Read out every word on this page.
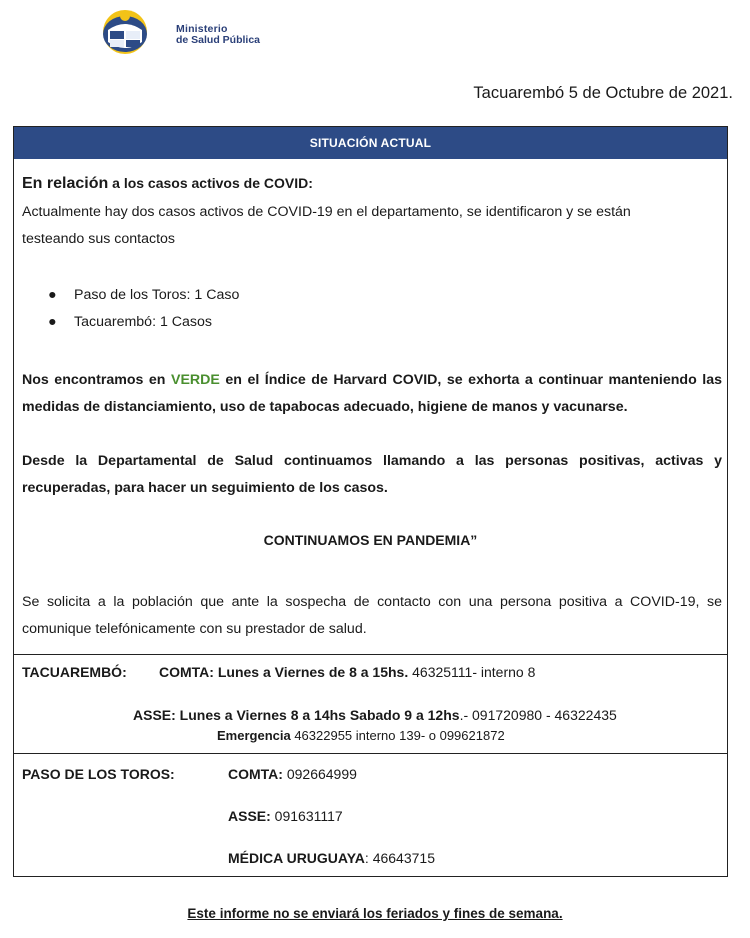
Ministerio
de Salud Pública
Tacuarembó 5 de Octubre de 2021.
SITUACIÓN ACTUAL
En relación a los casos activos de COVID:
Actualmente hay dos casos activos de COVID-19 en el departamento, se identificaron y se están
testeando sus contactos
● Paso de los Toros: 1 Caso
● Tacuarembó: 1 Casos
Nos encontramos en VERDE en el Índice de Harvard COVID, se exhorta a continuar manteniendo las medidas de distanciamiento, uso de tapabocas adecuado, higiene de manos y vacunarse.
Desde la Departamental de Salud continuamos llamando a las personas positivas, activas y recuperadas, para hacer un seguimiento de los casos.
CONTINUAMOS EN PANDEMIA”
Se solicita a la población que ante la sospecha de contacto con una persona positiva a COVID-19, se comunique telefónicamente con su prestador de salud.
TACUAREMBÓ: COMTA: Lunes a Viernes de 8 a 15hs. 46325111- interno 8
ASSE: Lunes a Viernes 8 a 14hs Sabado 9 a 12hs.- 091720980 - 46322435
Emergencia 46322955 interno 139- o 099621872
PASO DE LOS TOROS:	COMTA: 092664999
ASSE: 091631117
MÉDICA URUGUAYA: 46643715
Este informe no se enviará los feriados y fines de semana.
